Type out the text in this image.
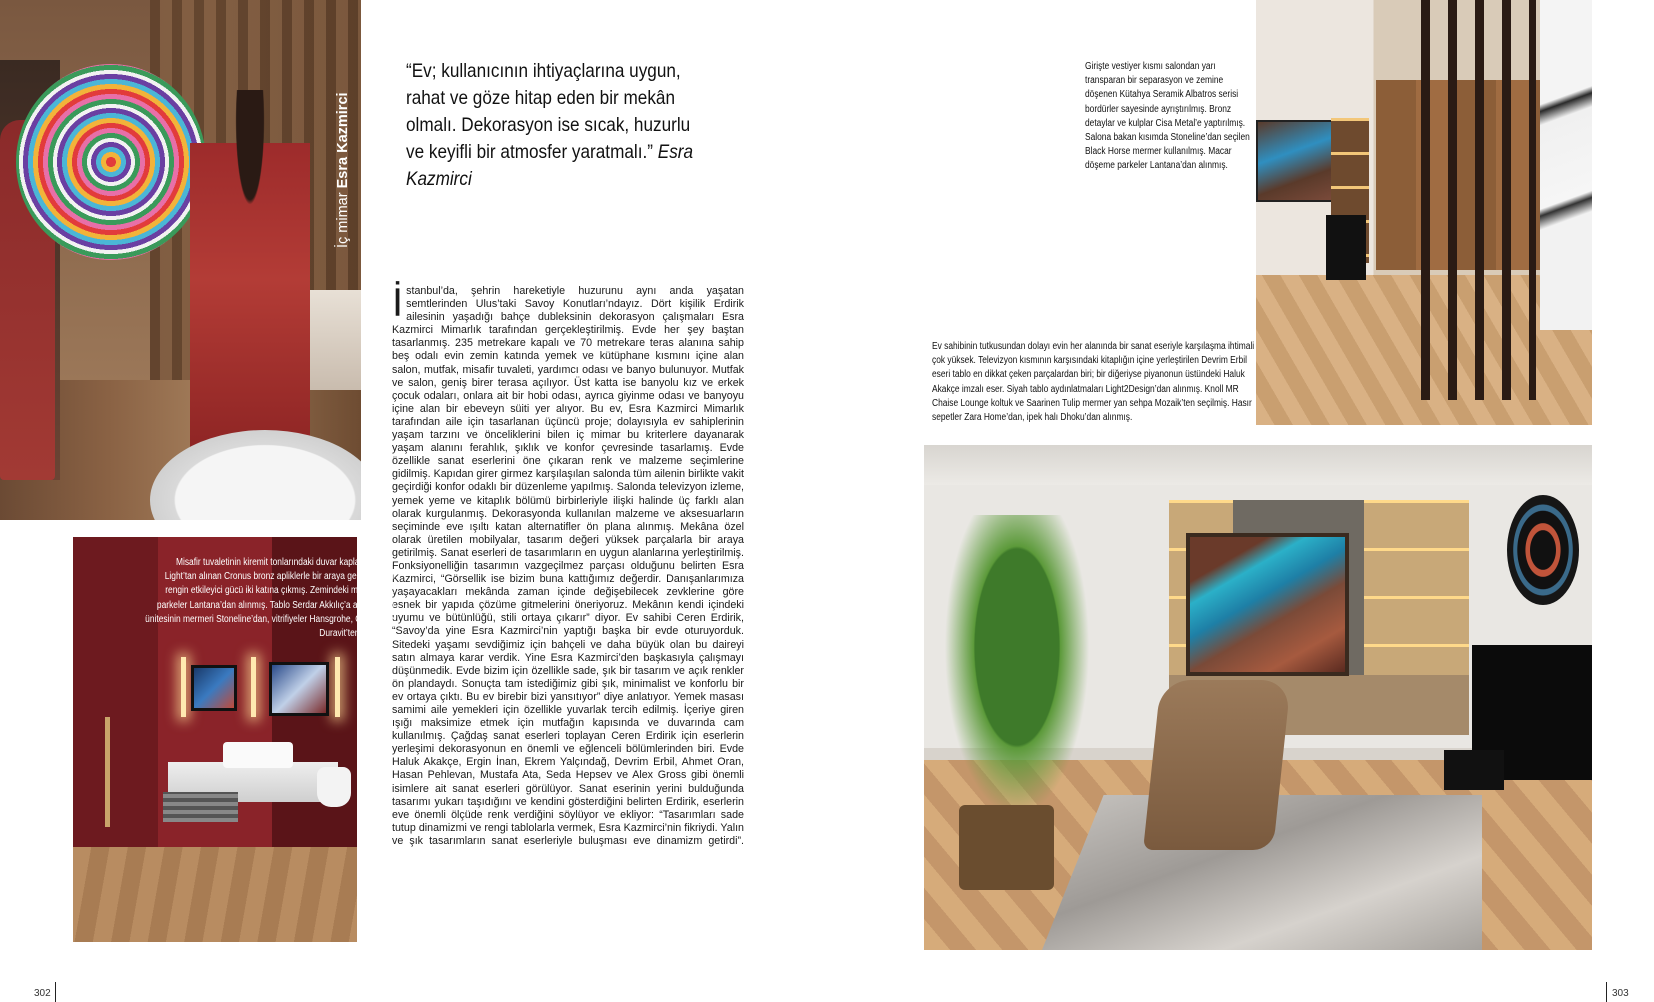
İç mimar Esra Kazmirci
“Ev; kullanıcının ihtiyaçlarına uygun, rahat ve göze hitap eden bir mekân olmalı. Dekorasyon ise sıcak, huzurlu ve keyifli bir atmosfer yaratmalı.” Esra Kazmirci
İ stanbul’da, şehrin hareketiyle huzurunu aynı anda yaşatan semtlerinden Ulus’taki Savoy Konutları’ndayız. Dört kişilik Erdirik ailesinin yaşadığı bahçe dubleksinin dekorasyon çalışmaları Esra Kazmirci Mimarlık tarafından gerçekleştirilmiş. Evde her şey baştan tasarlanmış. 235 metrekare kapalı ve 70 metrekare teras alanına sahip beş odalı evin zemin katında yemek ve kütüphane kısmını içine alan salon, mutfak, misafir tuvaleti, yardımcı odası ve banyo bulunuyor. Mutfak ve salon, geniş birer terasa açılıyor. Üst katta ise banyolu kız ve erkek çocuk odaları, onlara ait bir hobi odası, ayrıca giyinme odası ve banyoyu içine alan bir ebeveyn süiti yer alıyor. Bu ev, Esra Kazmirci Mimarlık tarafından aile için tasarlanan üçüncü proje; dolayısıyla ev sahiplerinin yaşam tarzını ve önceliklerini bilen iç mimar bu kriterlere dayanarak yaşam alanını ferahlık, şıklık ve konfor çevresinde tasarlamış. Evde özellikle sanat eserlerini öne çıkaran renk ve malzeme seçimlerine gidilmiş. Kapıdan girer girmez karşılaşılan salonda tüm ailenin birlikte vakit geçirdiği konfor odaklı bir düzenleme yapılmış. Salonda televizyon izleme, yemek yeme ve kitaplık bölümü birbirleriyle ilişki halinde üç farklı alan olarak kurgulanmış. Dekorasyonda kullanılan malzeme ve aksesuarların seçiminde eve ışıltı katan alternatifler ön plana alınmış. Mekâna özel olarak üretilen mobilyalar, tasarım değeri yüksek parçalarla bir araya getirilmiş. Sanat eserleri de tasarımların en uygun alanlarına yerleştirilmiş. Fonksiyonelliğin tasarımın vazgeçilmez parçası olduğunu belirten Esra Kazmirci, “Görsellik ise bizim buna kattığımız değerdir. Danışanlarımıza yaşayacakları mekânda zaman içinde değişebilecek zevklerine göre esnek bir yapıda çözüme gitmelerini öneriyoruz. Mekânın kendi içindeki uyumu ve bütünlüğü, stili ortaya çıkarır” diyor. Ev sahibi Ceren Erdirik, “Savoy’da yine Esra Kazmirci’nin yaptığı başka bir evde oturuyorduk. Sitedeki yaşamı sevdiğimiz için bahçeli ve daha büyük olan bu daireyi satın almaya karar verdik. Yine Esra Kazmirci’den başkasıyla çalışmayı düşünmedik. Evde bizim için özellikle sade, şık bir tasarım ve açık renkler ön plandaydı. Sonuçta tam istediğimiz gibi şık, minimalist ve konforlu bir ev ortaya çıktı. Bu ev birebir bizi yansıtıyor” diye anlatıyor. Yemek masası samimi aile yemekleri için özellikle yuvarlak tercih edilmiş. İçeriye giren ışığı maksimize etmek için mutfağın kapısında ve duvarında cam kullanılmış. Çağdaş sanat eserleri toplayan Ceren Erdirik için eserlerin yerleşimi dekorasyonun en önemli ve eğlenceli bölümlerinden biri. Evde Haluk Akakçe, Ergin İnan, Ekrem Yalçındağ, Devrim Erbil, Ahmet Oran, Hasan Pehlevan, Mustafa Ata, Seda Hepsev ve Alex Gross gibi önemli isimlere ait sanat eserleri görülüyor. Sanat eserinin yerini bulduğunda tasarımı yukarı taşıdığını ve kendini gösterdiğini belirten Erdirik, eserlerin eve önemli ölçüde renk verdiğini söylüyor ve ekliyor: “Tasarımları sade tutup dinamizmi ve rengi tablolarla vermek, Esra Kazmirci’nin fikriydi. Yalın ve şık tasarımların sanat eserleriyle buluşması eve dinamizm getirdi”.
Misafir tuvaletinin kiremit tonlarındaki duvar kaplamaları Dr Light’tan alınan Cronus bronz apliklerle bir araya gelince koyu rengin etkileyici gücü iki katına çıkmış. Zemindeki meşe plank parkeler Lantana’dan alınmış. Tablo Serdar Akkılıç’a ait. Lavabo ünitesinin mermeri Stoneline’dan, vitrifiyeler Hansgrohe, Geberit ve Duravit’ten seçilmiş.
Girişte vestiyer kısmı salondan yarı transparan bir separasyon ve zemine döşenen Kütahya Seramik Albatros serisi bordürler sayesinde ayrıştırılmış. Bronz detaylar ve kulplar Cisa Metal’e yaptırılmış. Salona bakan kısımda Stoneline’dan seçilen Black Horse mermer kullanılmış. Macar döşeme parkeler Lantana’dan alınmış.
Ev sahibinin tutkusundan dolayı evin her alanında bir sanat eseriyle karşılaşma ihtimali çok yüksek. Televizyon kısmının karşısındaki kitaplığın içine yerleştirilen Devrim Erbil eseri tablo en dikkat çeken parçalardan biri; bir diğeriyse piyanonun üstündeki Haluk Akakçe imzalı eser. Siyah tablo aydınlatmaları Light2Design’dan alınmış. Knoll MR Chaise Lounge koltuk ve Saarinen Tulip mermer yan sehpa Mozaik’ten seçilmiş. Hasır sepetler Zara Home’dan, ipek halı Dhoku’dan alınmış.
302	303
